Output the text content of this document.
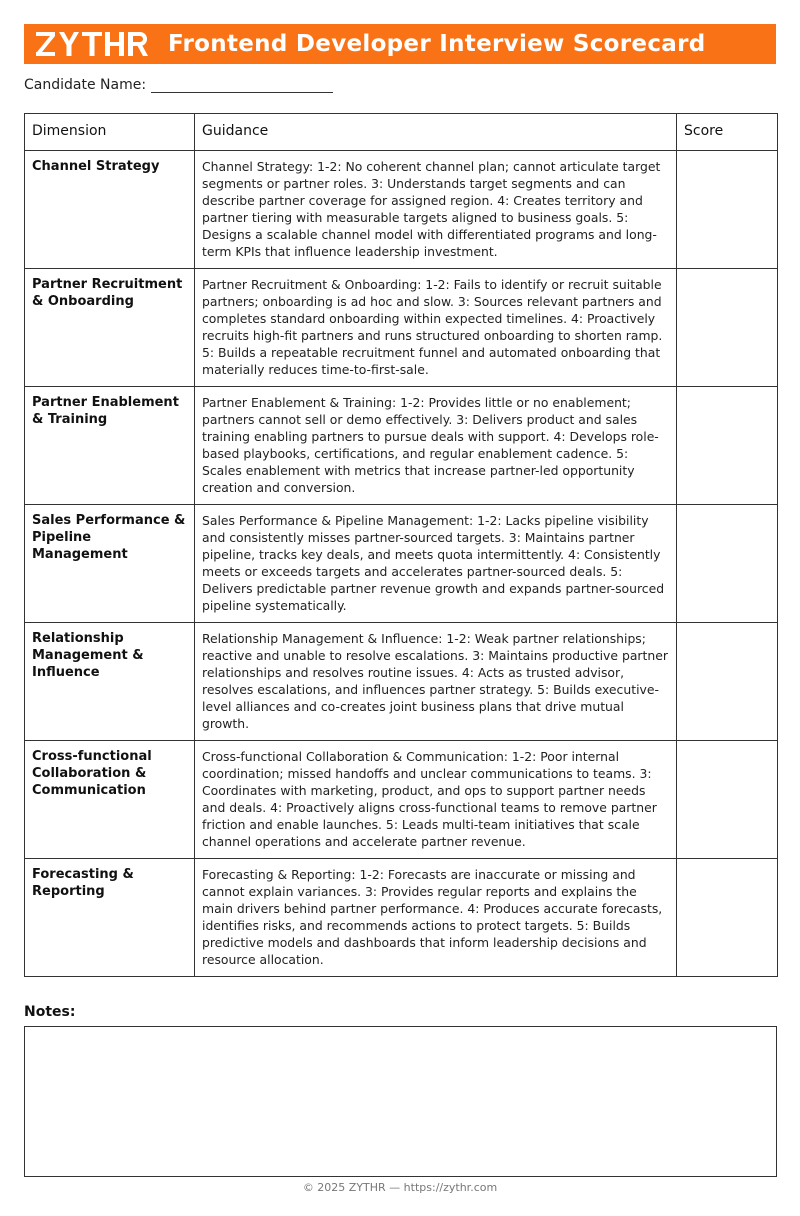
Frontend Developer Interview Scorecard
Candidate Name:
Dimension	Guidance	Score
Channel Strategy	Channel Strategy: 1-2: No coherent channel plan; cannot articulate target segments or partner roles. 3: Understands target segments and can describe partner coverage for assigned region. 4: Creates territory and partner tiering with measurable targets aligned to business goals. 5: Designs a scalable channel model with differentiated programs and long-term KPIs that influence leadership investment.	
Partner Recruitment & Onboarding	Partner Recruitment & Onboarding: 1-2: Fails to identify or recruit suitable partners; onboarding is ad hoc and slow. 3: Sources relevant partners and completes standard onboarding within expected timelines. 4: Proactively recruits high-fit partners and runs structured onboarding to shorten ramp. 5: Builds a repeatable recruitment funnel and automated onboarding that materially reduces time-to-first-sale.	
Partner Enablement & Training	Partner Enablement & Training: 1-2: Provides little or no enablement; partners cannot sell or demo effectively. 3: Delivers product and sales training enabling partners to pursue deals with support. 4: Develops role-based playbooks, certifications, and regular enablement cadence. 5: Scales enablement with metrics that increase partner-led opportunity creation and conversion.	
Sales Performance & Pipeline Management	Sales Performance & Pipeline Management: 1-2: Lacks pipeline visibility and consistently misses partner-sourced targets. 3: Maintains partner pipeline, tracks key deals, and meets quota intermittently. 4: Consistently meets or exceeds targets and accelerates partner-sourced deals. 5: Delivers predictable partner revenue growth and expands partner-sourced pipeline systematically.	
Relationship Management & Influence	Relationship Management & Influence: 1-2: Weak partner relationships; reactive and unable to resolve escalations. 3: Maintains productive partner relationships and resolves routine issues. 4: Acts as trusted advisor, resolves escalations, and influences partner strategy. 5: Builds executive-level alliances and co-creates joint business plans that drive mutual growth.	
Cross-functional Collaboration & Communication	Cross-functional Collaboration & Communication: 1-2: Poor internal coordination; missed handoffs and unclear communications to teams. 3: Coordinates with marketing, product, and ops to support partner needs and deals. 4: Proactively aligns cross-functional teams to remove partner friction and enable launches. 5: Leads multi-team initiatives that scale channel operations and accelerate partner revenue.	
Forecasting & Reporting	Forecasting & Reporting: 1-2: Forecasts are inaccurate or missing and cannot explain variances. 3: Provides regular reports and explains the main drivers behind partner performance. 4: Produces accurate forecasts, identifies risks, and recommends actions to protect targets. 5: Builds predictive models and dashboards that inform leadership decisions and resource allocation.	
Notes:
© 2025 ZYTHR — https://zythr.com
